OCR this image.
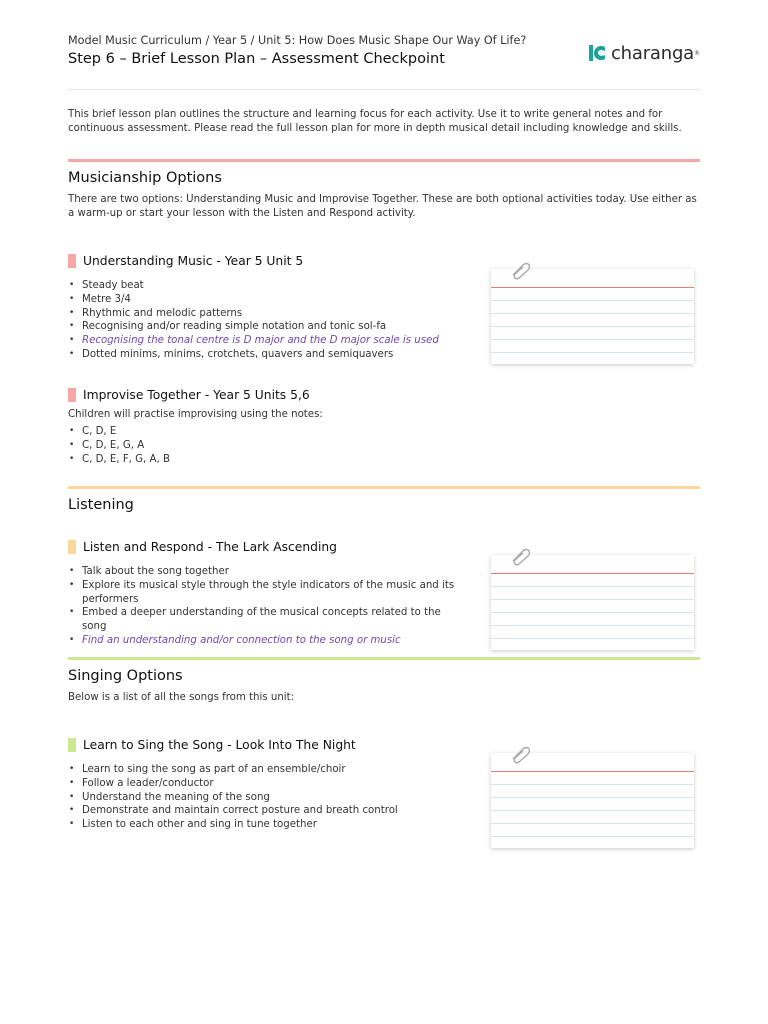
Model Music Curriculum / Year 5 / Unit 5: How Does Music Shape Our Way Of Life?
Step 6 – Brief Lesson Plan – Assessment Checkpoint	charanga ®
This brief lesson plan outlines the structure and learning focus for each activity. Use it to write general notes and for continuous assessment. Please read the full lesson plan for more in depth musical detail including knowledge and skills.
Musicianship Options
There are two options: Understanding Music and Improvise Together. These are both optional activities today. Use either as a warm-up or start your lesson with the Listen and Respond activity.
Understanding Music - Year 5 Unit 5
• Steady beat
• Metre 3/4
• Rhythmic and melodic patterns
• Recognising and/or reading simple notation and tonic sol-fa
• Recognising the tonal centre is D major and the D major scale is used
• Dotted minims, minims, crotchets, quavers and semiquavers
Improvise Together - Year 5 Units 5,6
Children will practise improvising using the notes:
• C, D, E
• C, D, E, G, A
• C, D, E, F, G, A, B
Listening
Listen and Respond - The Lark Ascending
• Talk about the song together
• Explore its musical style through the style indicators of the music and its performers
• Embed a deeper understanding of the musical concepts related to the song
• Find an understanding and/or connection to the song or music
Singing Options
Below is a list of all the songs from this unit:
Learn to Sing the Song - Look Into The Night
• Learn to sing the song as part of an ensemble/choir
• Follow a leader/conductor
• Understand the meaning of the song
• Demonstrate and maintain correct posture and breath control
• Listen to each other and sing in tune together
